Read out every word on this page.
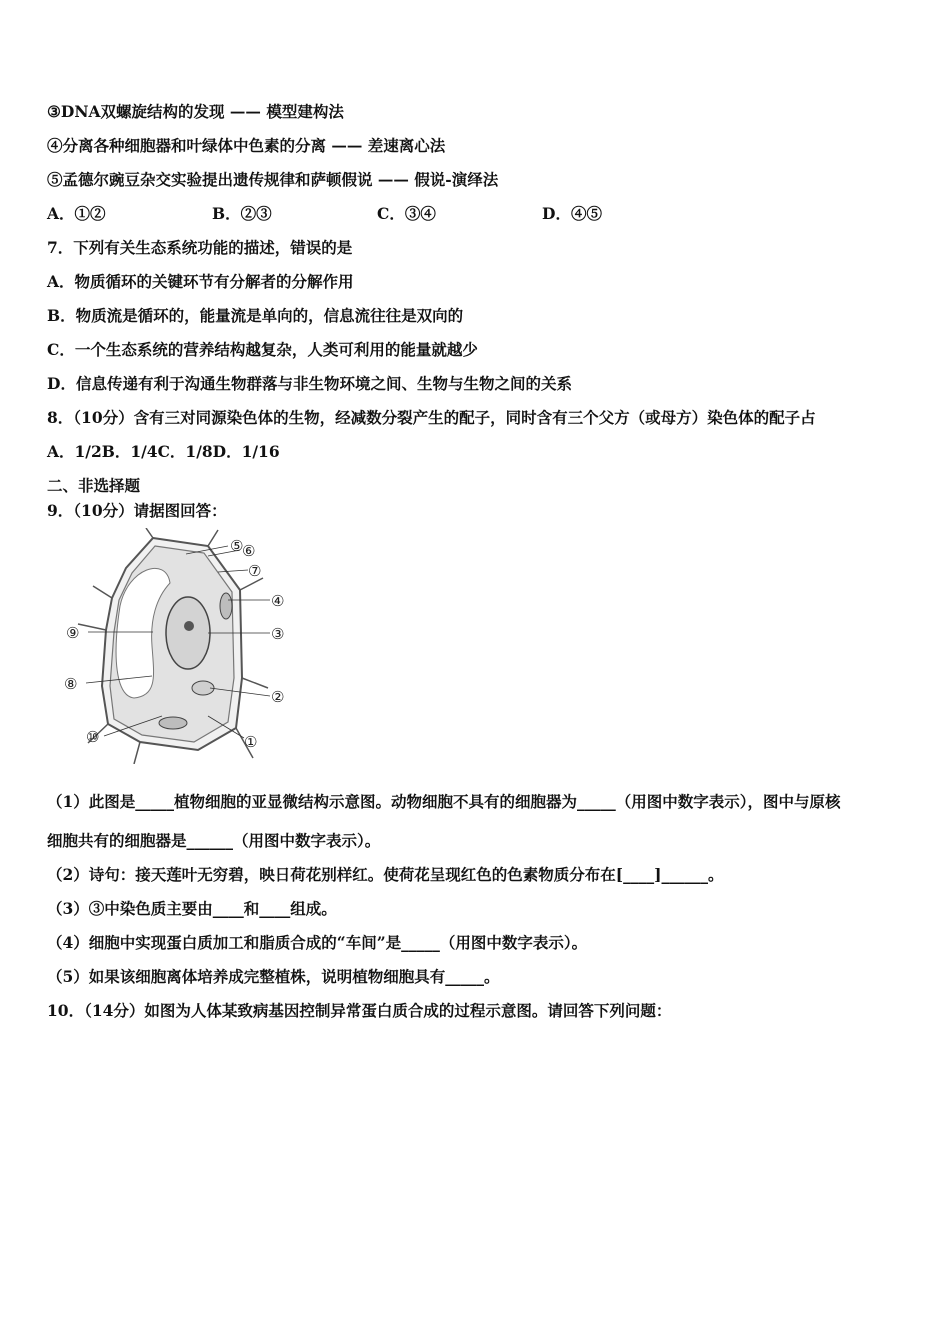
③DNA双螺旋结构的发现 —— 模型建构法
④分离各种细胞器和叶绿体中色素的分离 —— 差速离心法
⑤孟德尔豌豆杂交实验提出遗传规律和萨顿假说 —— 假说-演绎法
A．①②	B．②③	C．③④	D．④⑤
7．下列有关生态系统功能的描述，错误的是
A．物质循环的关键环节有分解者的分解作用
B．物质流是循环的，能量流是单向的，信息流往往是双向的
C．一个生态系统的营养结构越复杂，人类可利用的能量就越少
D．信息传递有利于沟通生物群落与非生物环境之间、生物与生物之间的关系
8．（10分）含有三对同源染色体的生物，经减数分裂产生的配子，同时含有三个父方（或母方）染色体的配子占
A．1/2B．1/4C．1/8D．1/16
二、非选择题
9．（10分）请据图回答：
⑤
⑥
⑦
④
③
②
①
⑨
⑧
⑩
（1）此图是_____植物细胞的亚显微结构示意图。动物细胞不具有的细胞器为_____（用图中数字表示），图中与原核
细胞共有的细胞器是______（用图中数字表示）。
（2）诗句：接天莲叶无穷碧，映日荷花别样红。使荷花呈现红色的色素物质分布在[____]______。
（3）③中染色质主要由____和____组成。
（4）细胞中实现蛋白质加工和脂质合成的“车间”是_____（用图中数字表示）。
（5）如果该细胞离体培养成完整植株，说明植物细胞具有_____。
10．（14分）如图为人体某致病基因控制异常蛋白质合成的过程示意图。请回答下列问题：
